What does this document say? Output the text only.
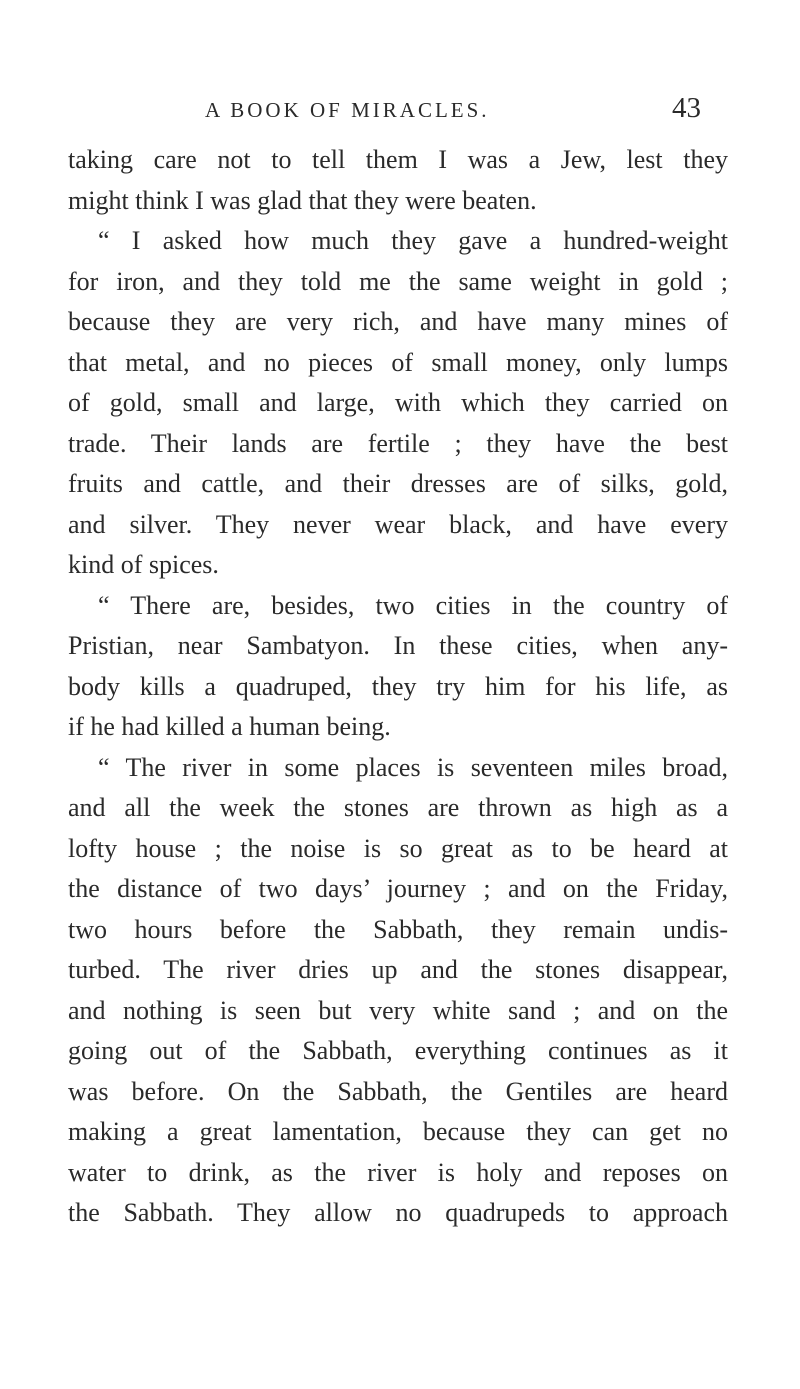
A BOOK OF MIRACLES.	43
taking care not to tell them I was a Jew, lest they
might think I was glad that they were beaten.
“ I asked how much they gave a hundred-weight
for iron, and they told me the same weight in gold ;
because they are very rich, and have many mines of
that metal, and no pieces of small money, only lumps
of gold, small and large, with which they carried on
trade. Their lands are fertile ; they have the best
fruits and cattle, and their dresses are of silks, gold,
and silver. They never wear black, and have every
kind of spices.
“ There are, besides, two cities in the country of
Pristian, near Sambatyon. In these cities, when any-
body kills a quadruped, they try him for his life, as
if he had killed a human being.
“ The river in some places is seventeen miles broad,
and all the week the stones are thrown as high as a
lofty house ; the noise is so great as to be heard at
the distance of two days’ journey ; and on the Friday,
two hours before the Sabbath, they remain undis-
turbed. The river dries up and the stones disappear,
and nothing is seen but very white sand ; and on the
going out of the Sabbath, everything continues as it
was before. On the Sabbath, the Gentiles are heard
making a great lamentation, because they can get no
water to drink, as the river is holy and reposes on
the Sabbath. They allow no quadrupeds to approach
